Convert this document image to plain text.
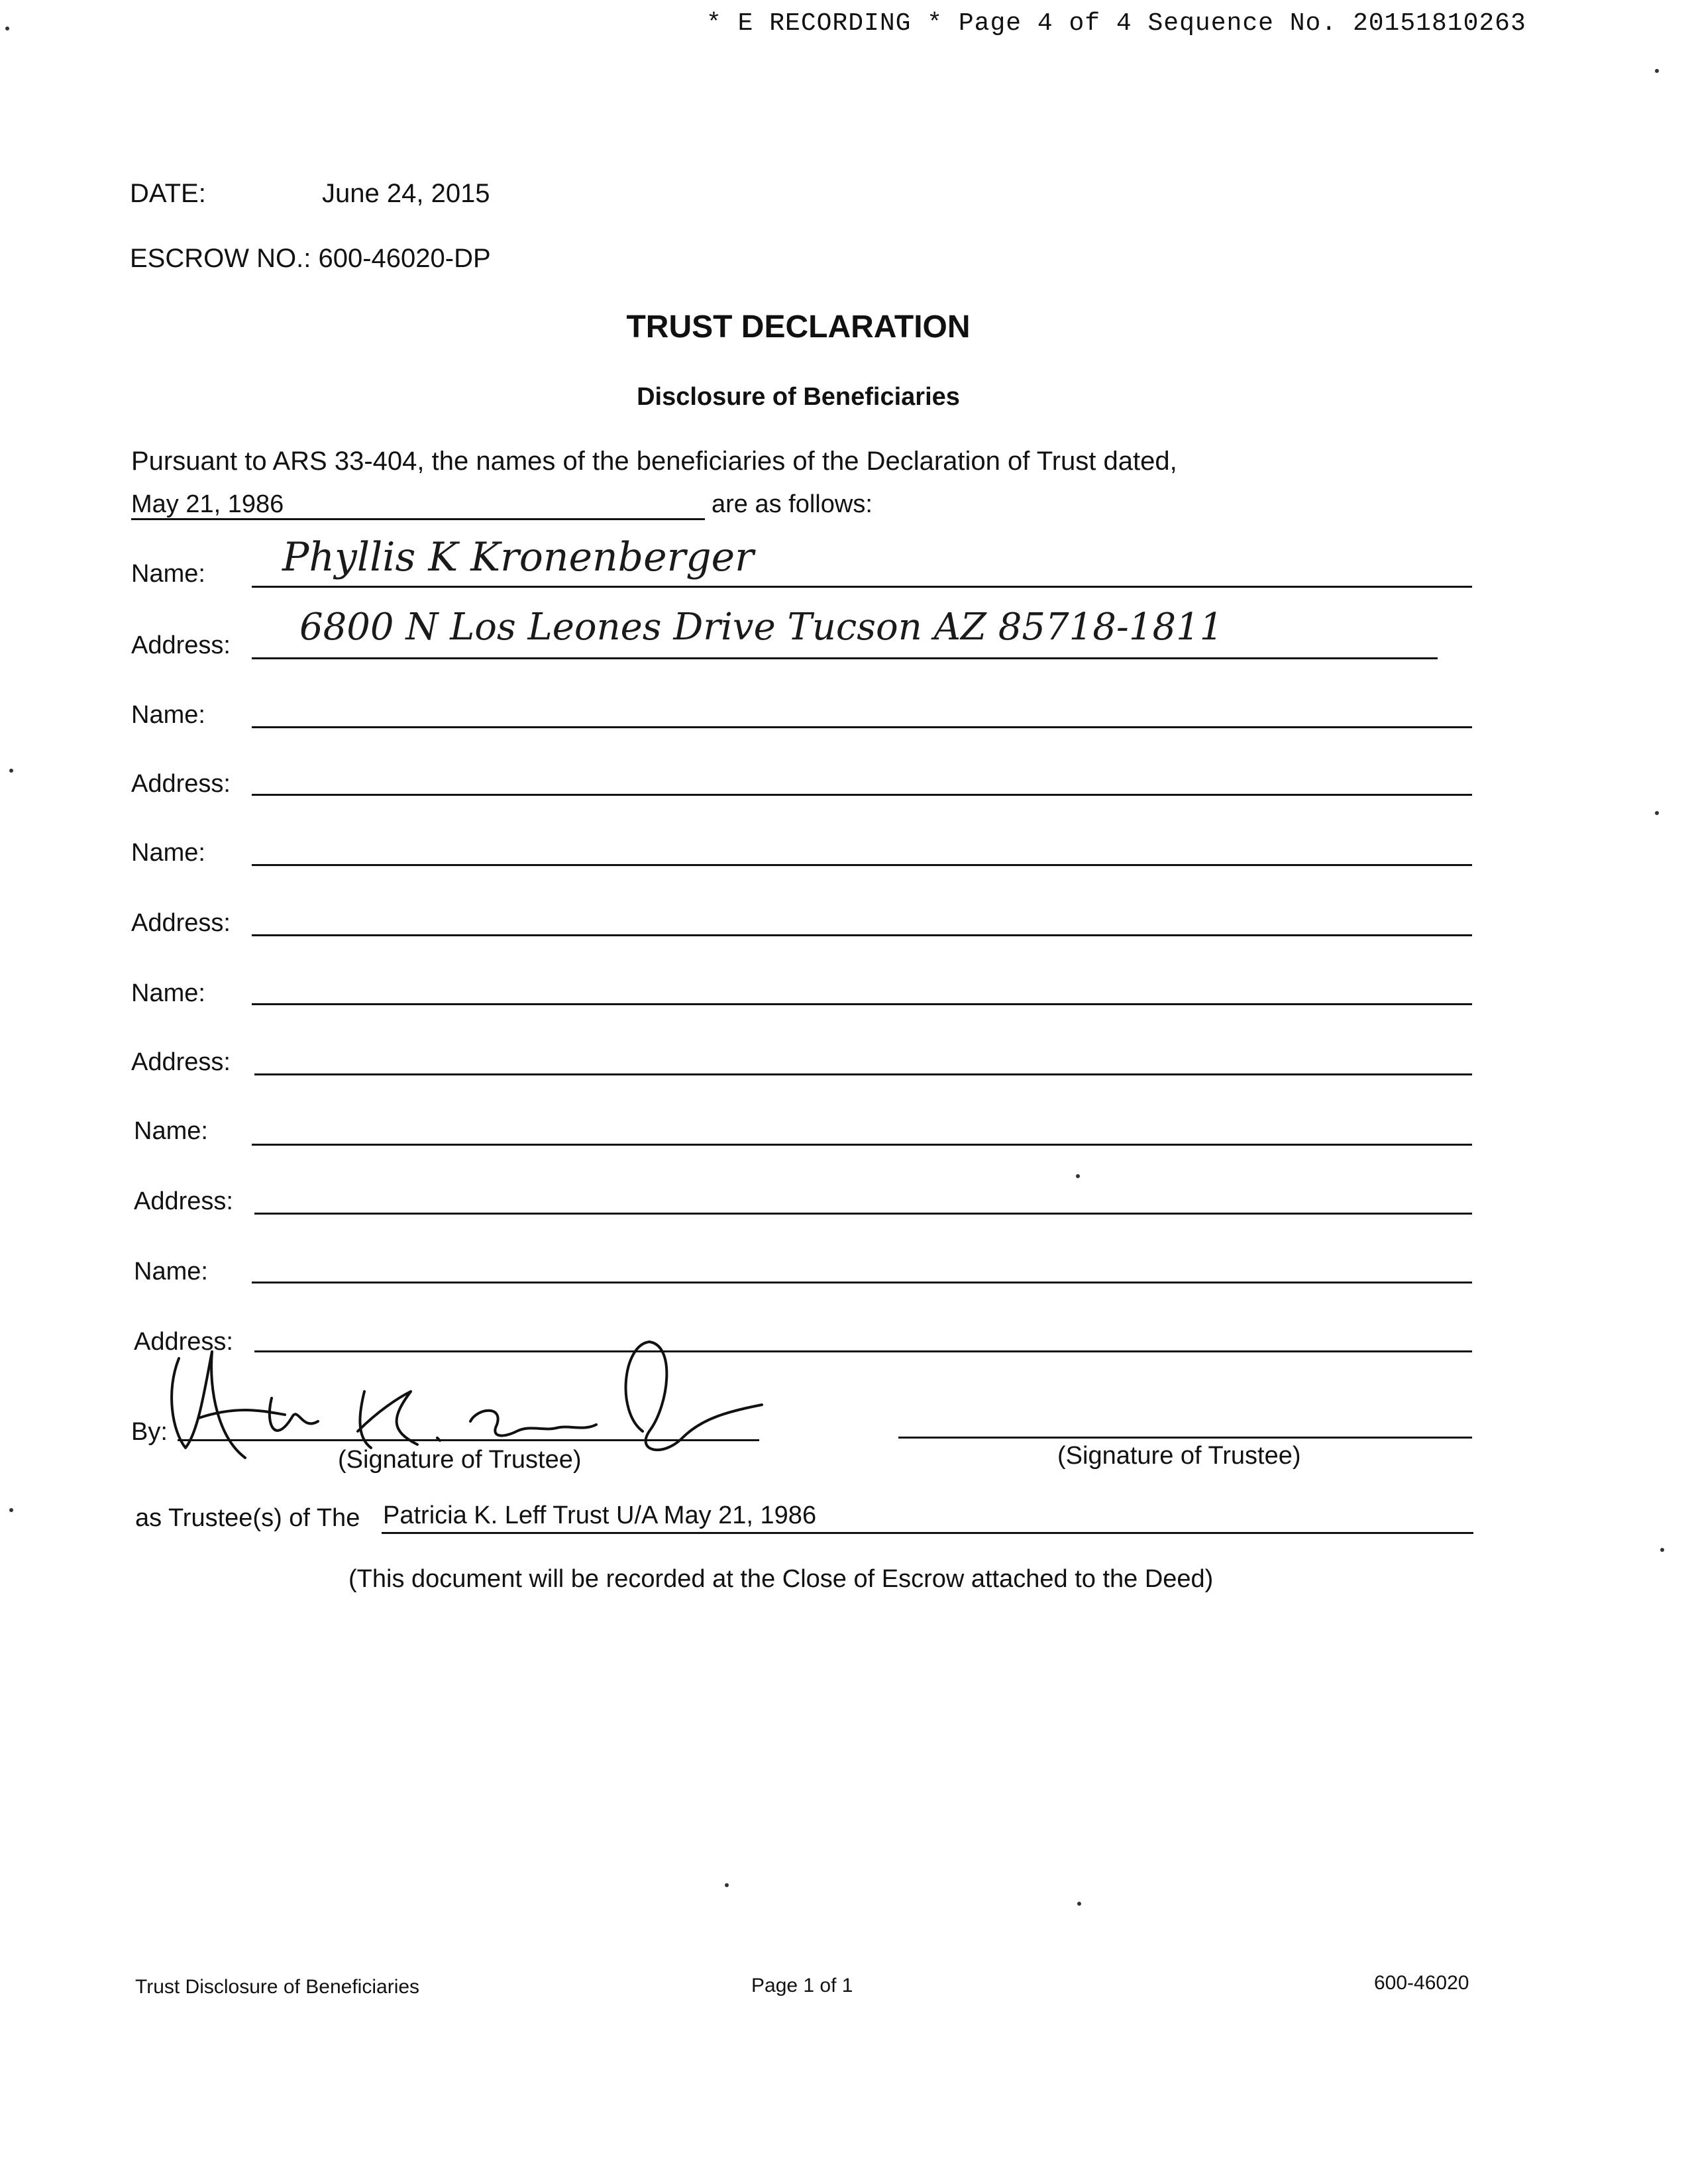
* E RECORDING * Page 4 of 4 Sequence No. 20151810263
DATE:	June 24, 2015
ESCROW NO.: 600-46020-DP
TRUST DECLARATION
Disclosure of Beneficiaries
Pursuant to ARS 33-404, the names of the beneficiaries of the Declaration of Trust dated,
May 21, 1986	are as follows:
Name: Phyllis K Kronenberger
Address: 6800 N Los Leones Drive Tucson AZ 85718-1811
Name:
Address:
Name:
Address:
Name:
Address:
Name:
Address:
Name:
Address:
By:
(Signature of Trustee)	(Signature of Trustee)
as Trustee(s) of The Patricia K. Leff Trust U/A May 21, 1986
(This document will be recorded at the Close of Escrow attached to the Deed)
Trust Disclosure of Beneficiaries	Page 1 of 1	600-46020
